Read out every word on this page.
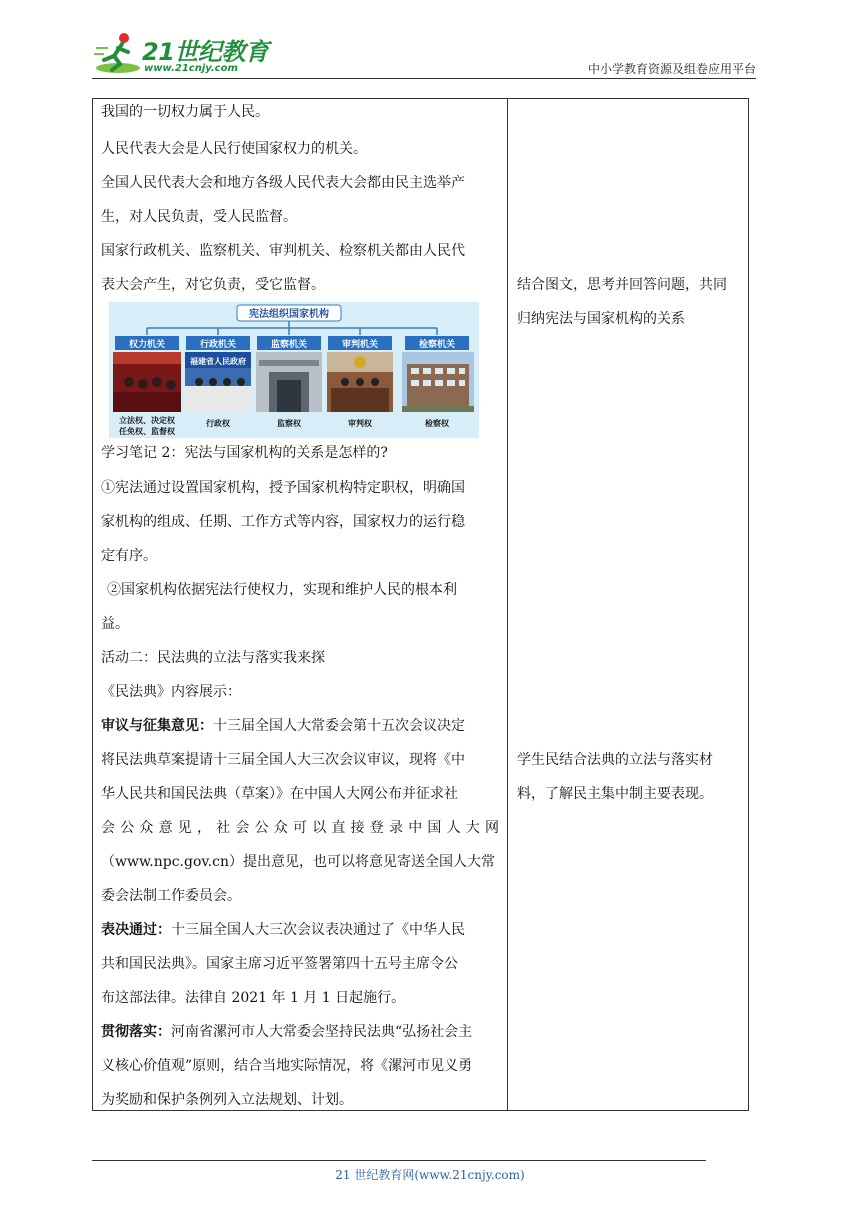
21世纪教育
www.21cnjy.com	中小学教育资源及组卷应用平台
我国的一切权力属于人民。
人民代表大会是人民行使国家权力的机关。
全国人民代表大会和地方各级人民代表大会都由民主选举产
生，对人民负责，受人民监督。
国家行政机关、监察机关、审判机关、检察机关都由人民代
表大会产生，对它负责，受它监督。
宪法组织国家机构
权力机关
立法权、决定权
任免权、监督权
行政机关
福建省人民政府
行政权
监察机关
监察权
审判机关
审判权
检察机关
检察权
学习笔记 2：宪法与国家机构的关系是怎样的?
①宪法通过设置国家机构，授予国家机构特定职权，明确国
家机构的组成、任期、工作方式等内容，国家权力的运行稳
定有序。
②国家机构依据宪法行使权力，实现和维护人民的根本利
益。
活动二：民法典的立法与落实我来探
《民法典》内容展示：
审议与征集意见：十三届全国人大常委会第十五次会议决定
将民法典草案提请十三届全国人大三次会议审议，现将《中
华人民共和国民法典（草案）》在中国人大网公布并征求社
会公众意见，社会公众可以直接登录中国人大网
（www.npc.gov.cn）提出意见，也可以将意见寄送全国人大常
委会法制工作委员会。
表决通过：十三届全国人大三次会议表决通过了《中华人民
共和国民法典》。国家主席习近平签署第四十五号主席令公
布这部法律。法律自 2021 年 1 月 1 日起施行。
贯彻落实：河南省漯河市人大常委会坚持民法典“弘扬社会主
义核心价值观”原则，结合当地实际情况，将《漯河市见义勇
为奖励和保护条例列入立法规划、计划。
结合图文，思考并回答问题，共同
归纳宪法与国家机构的关系
学生民结合法典的立法与落实材
料，了解民主集中制主要表现。
21 世纪教育网(www.21cnjy.com)
